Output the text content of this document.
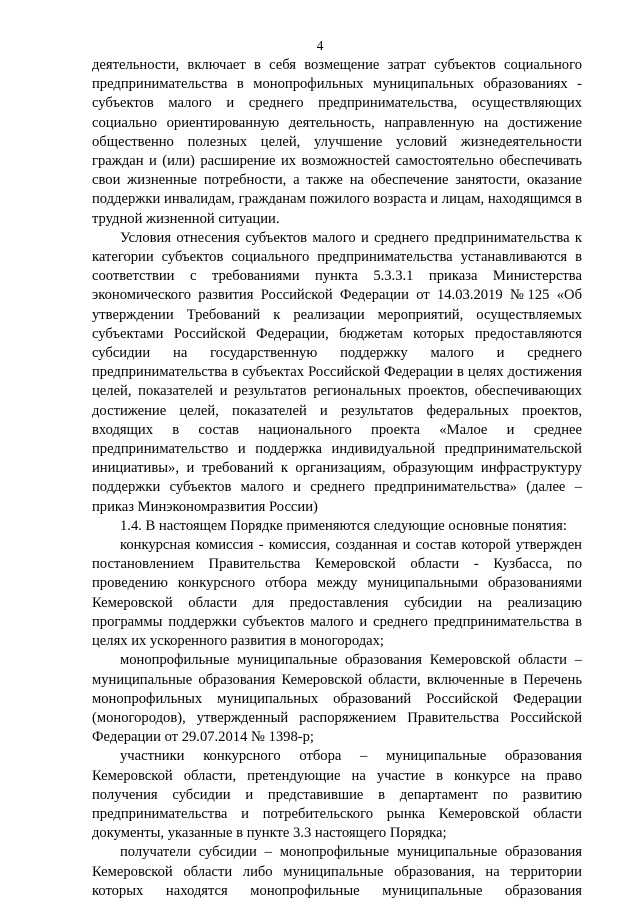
4

деятельности, включает в себя возмещение затрат субъектов социального предпринимательства в монопрофильных муниципальных образованиях - субъектов малого и среднего предпринимательства, осуществляющих социально ориентированную деятельность, направленную на достижение общественно полезных целей, улучшение условий жизнедеятельности граждан и (или) расширение их возможностей самостоятельно обеспечивать свои жизненные потребности, а также на обеспечение занятости, оказание поддержки инвалидам, гражданам пожилого возраста и лицам, находящимся в трудной жизненной ситуации.

Условия отнесения субъектов малого и среднего предпринимательства к категории субъектов социального предпринимательства устанавливаются в соответствии с требованиями пункта 5.3.3.1 приказа Министерства экономического развития Российской Федерации от 14.03.2019 №125 «Об утверждении Требований к реализации мероприятий, осуществляемых субъектами Российской Федерации, бюджетам которых предоставляются субсидии на государственную поддержку малого и среднего предпринимательства в субъектах Российской Федерации в целях достижения целей, показателей и результатов региональных проектов, обеспечивающих достижение целей, показателей и результатов федеральных проектов, входящих в состав национального проекта «Малое и среднее предпринимательство и поддержка индивидуальной предпринимательской инициативы», и требований к организациям, образующим инфраструктуру поддержки субъектов малого и среднего предпринимательства» (далее – приказ Минэкономразвития России)

1.4. В настоящем Порядке применяются следующие основные понятия:

конкурсная комиссия - комиссия, созданная и состав которой утвержден постановлением Правительства Кемеровской области - Кузбасса, по проведению конкурсного отбора между муниципальными образованиями Кемеровской области для предоставления субсидии на реализацию программы поддержки субъектов малого и среднего предпринимательства в целях их ускоренного развития в моногородах;

монопрофильные муниципальные образования Кемеровской области – муниципальные образования Кемеровской области, включенные в Перечень монопрофильных муниципальных образований Российской Федерации (моногородов), утвержденный распоряжением Правительства Российской Федерации от 29.07.2014 № 1398-р;

участники конкурсного отбора – муниципальные образования Кемеровской области, претендующие на участие в конкурсе на право получения субсидии и представившие в департамент по развитию предпринимательства и потребительского рынка Кемеровской области документы, указанные в пункте 3.3 настоящего Порядка;

получатели субсидии – монопрофильные муниципальные образования Кемеровской области либо муниципальные образования, на территории которых находятся монопрофильные муниципальные образования
